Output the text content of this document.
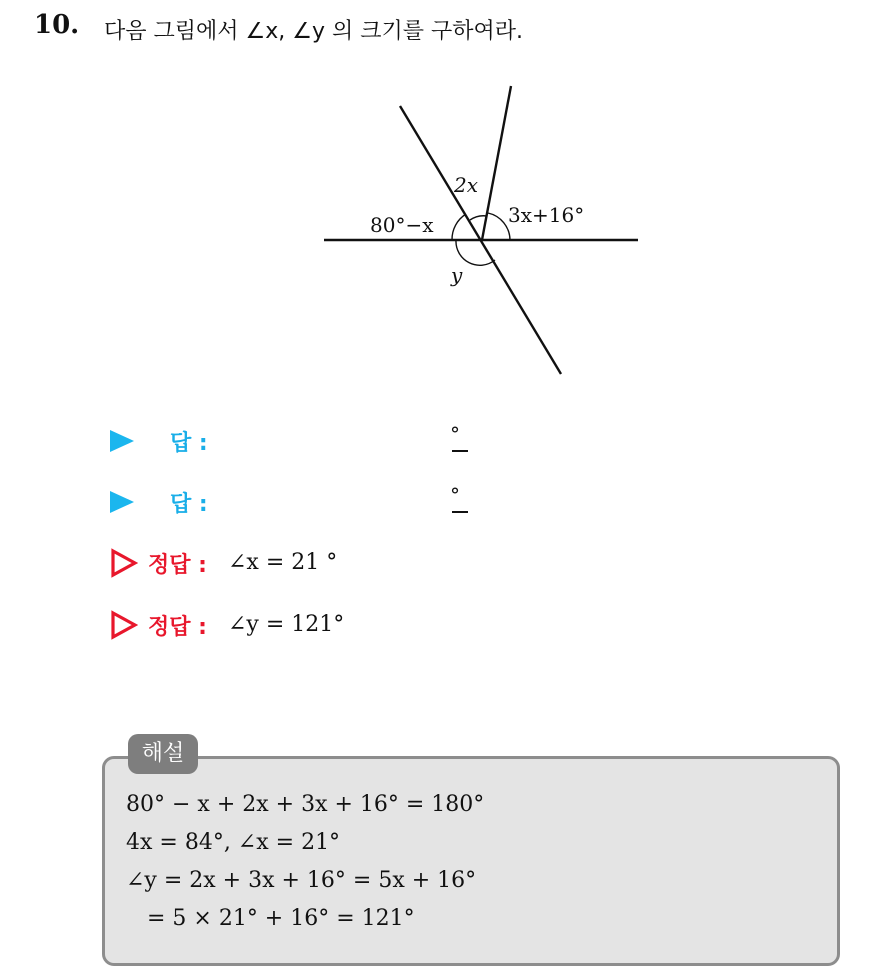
10. 다음 그림에서 ∠x, ∠y 의 크기를 구하여라.
2x
80°−x	3x+16°
y
답 :	°
답 :	°
정답 : ∠x = 21 °
정답 : ∠y = 121°
해설
80° − x + 2x + 3x + 16° = 180°
4x = 84°, ∠x = 21°
∠y = 2x + 3x + 16° = 5x + 16°
= 5 × 21° + 16° = 121°
